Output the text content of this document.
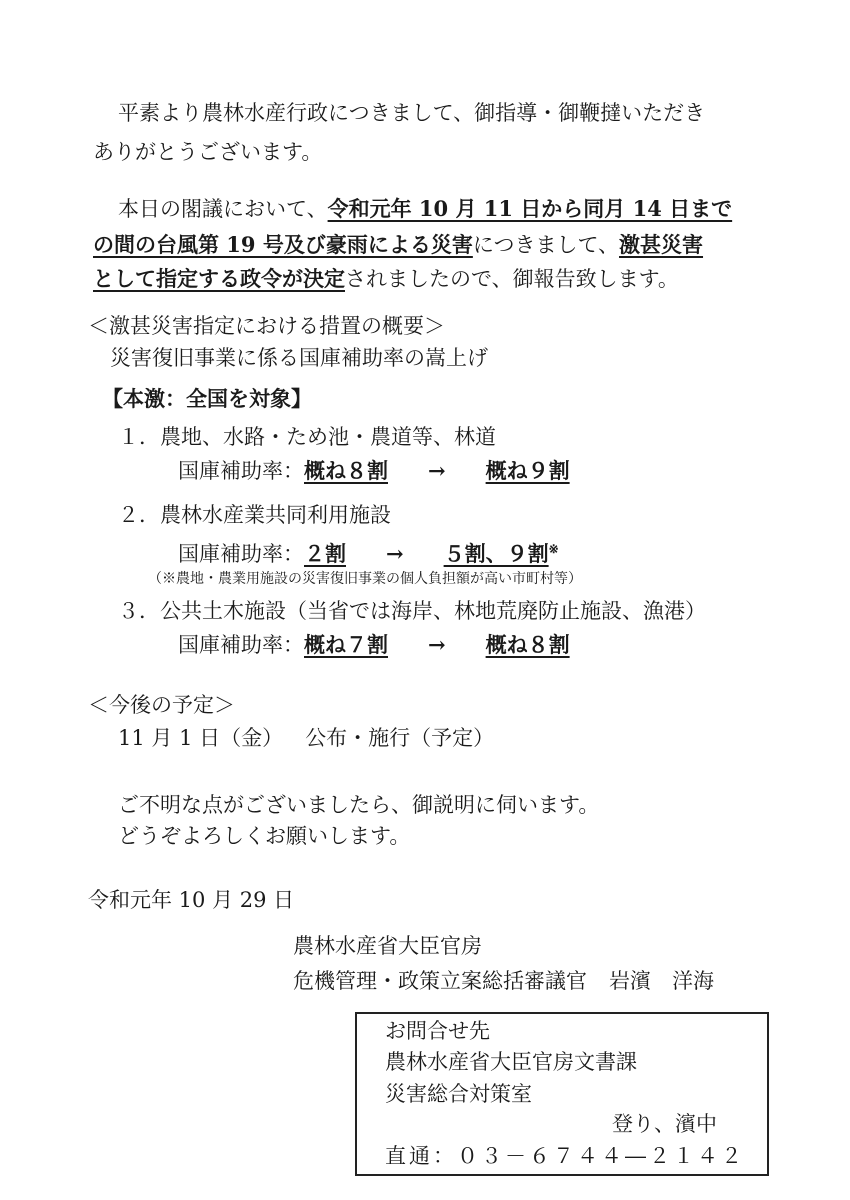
平素より農林水産行政につきまして、御指導・御鞭撻いただき
ありがとうございます。
本日の閣議において、令和元年 10 月 11 日から同月 14 日まで
の間の台風第 19 号及び豪雨による災害につきまして、激甚災害
として指定する政令が決定されましたので、御報告致します。
＜激甚災害指定における措置の概要＞
災害復旧事業に係る国庫補助率の嵩上げ
【本激：全国を対象】
１．農地、水路・ため池・農道等、林道
国庫補助率：概ね８割 → 概ね９割
２．農林水産業共同利用施設
国庫補助率：２割 → ５割、９割※
（※農地・農業用施設の災害復旧事業の個人負担額が高い市町村等）
３．公共土木施設（当省では海岸、林地荒廃防止施設、漁港）
国庫補助率：概ね７割 → 概ね８割
＜今後の予定＞
11 月 1 日（金） 公布・施行（予定）
ご不明な点がございましたら、御説明に伺います。
どうぞよろしくお願いします。
令和元年 10 月 29 日
農林水産省大臣官房
危機管理・政策立案総括審議官 岩濱　洋海
お問合せ先
農林水産省大臣官房文書課
災害総合対策室
登り、濱中
直通：０３－６７４４―２１４２
